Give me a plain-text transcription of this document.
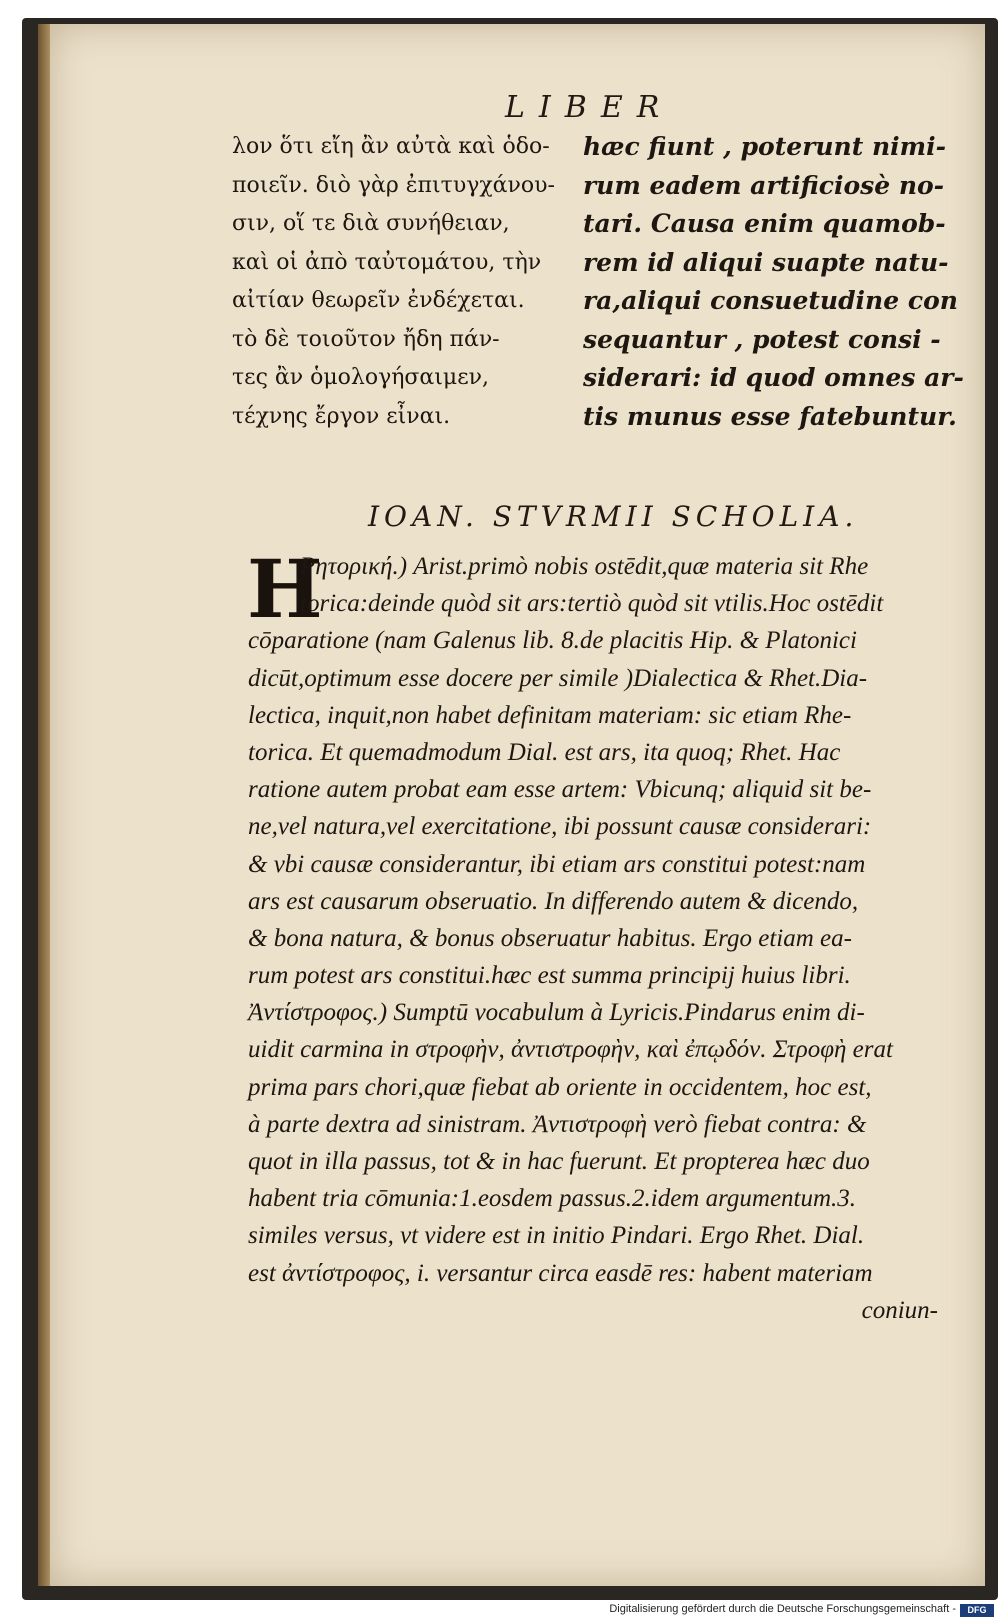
LIBER
λον ὅτι εἴη ἂν αὐτὰ καὶ ὁδο-
ποιεῖν. διὸ γὰρ ἐπιτυγχάνου-
σιν, οἵ τε διὰ συνήθειαν,
καὶ οἱ ἀπὸ ταὐτομάτου, τὴν
αἰτίαν θεωρεῖν ἐνδέχεται.
τὸ δὲ τοιοῦτον ἤδη πάν-
τες ἂν ὁμολογήσαιμεν,
τέχνης ἔργον εἶναι.
hæc fiunt , poterunt nimi-
rum eadem artificiosè no-
tari. Causa enim quamob-
rem id aliqui suapte natu-
ra,aliqui consuetudine con
sequantur , potest consi -
siderari: id quod omnes ar-
tis munus esse fatebuntur.
IOAN. STVRMII SCHOLIA.
H
Ρητορική.) Arist.primò nobis ostēdit,quæ materia sit Rhe
torica:deinde quòd sit ars:tertiò quòd sit vtilis.Hoc ostēdit
cōparatione (nam Galenus lib. 8.de placitis Hip. & Platonici
dicūt,optimum esse docere per simile )Dialectica & Rhet.Dia-
lectica, inquit,non habet definitam materiam: sic etiam Rhe-
torica. Et quemadmodum Dial. est ars, ita quoq; Rhet. Hac
ratione autem probat eam esse artem: Vbicunq; aliquid sit be-
ne,vel natura,vel exercitatione, ibi possunt causæ considerari:
& vbi causæ considerantur, ibi etiam ars constitui potest:nam
ars est causarum obseruatio. In differendo autem & dicendo,
& bona natura, & bonus obseruatur habitus. Ergo etiam ea-
rum potest ars constitui.hæc est summa principij huius libri.
Ἀντίστροφος.) Sumptū vocabulum à Lyricis.Pindarus enim di-
uidit carmina in στροφὴν, ἀντιστροφὴν, καὶ ἐπῳδόν. Στροφὴ erat
prima pars chori,quæ fiebat ab oriente in occidentem, hoc est,
à parte dextra ad sinistram. Ἀντιστροφὴ verò fiebat contra: &
quot in illa passus, tot & in hac fuerunt. Et propterea hæc duo
habent tria cōmunia:1.eosdem passus.2.idem argumentum.3.
similes versus, vt videre est in initio Pindari. Ergo Rhet. Dial.
est ἀντίστροφος, i. versantur circa easdē res: habent materiam
coniun-
Digitalisierung gefördert durch die Deutsche Forschungsgemeinschaft -	DFG
